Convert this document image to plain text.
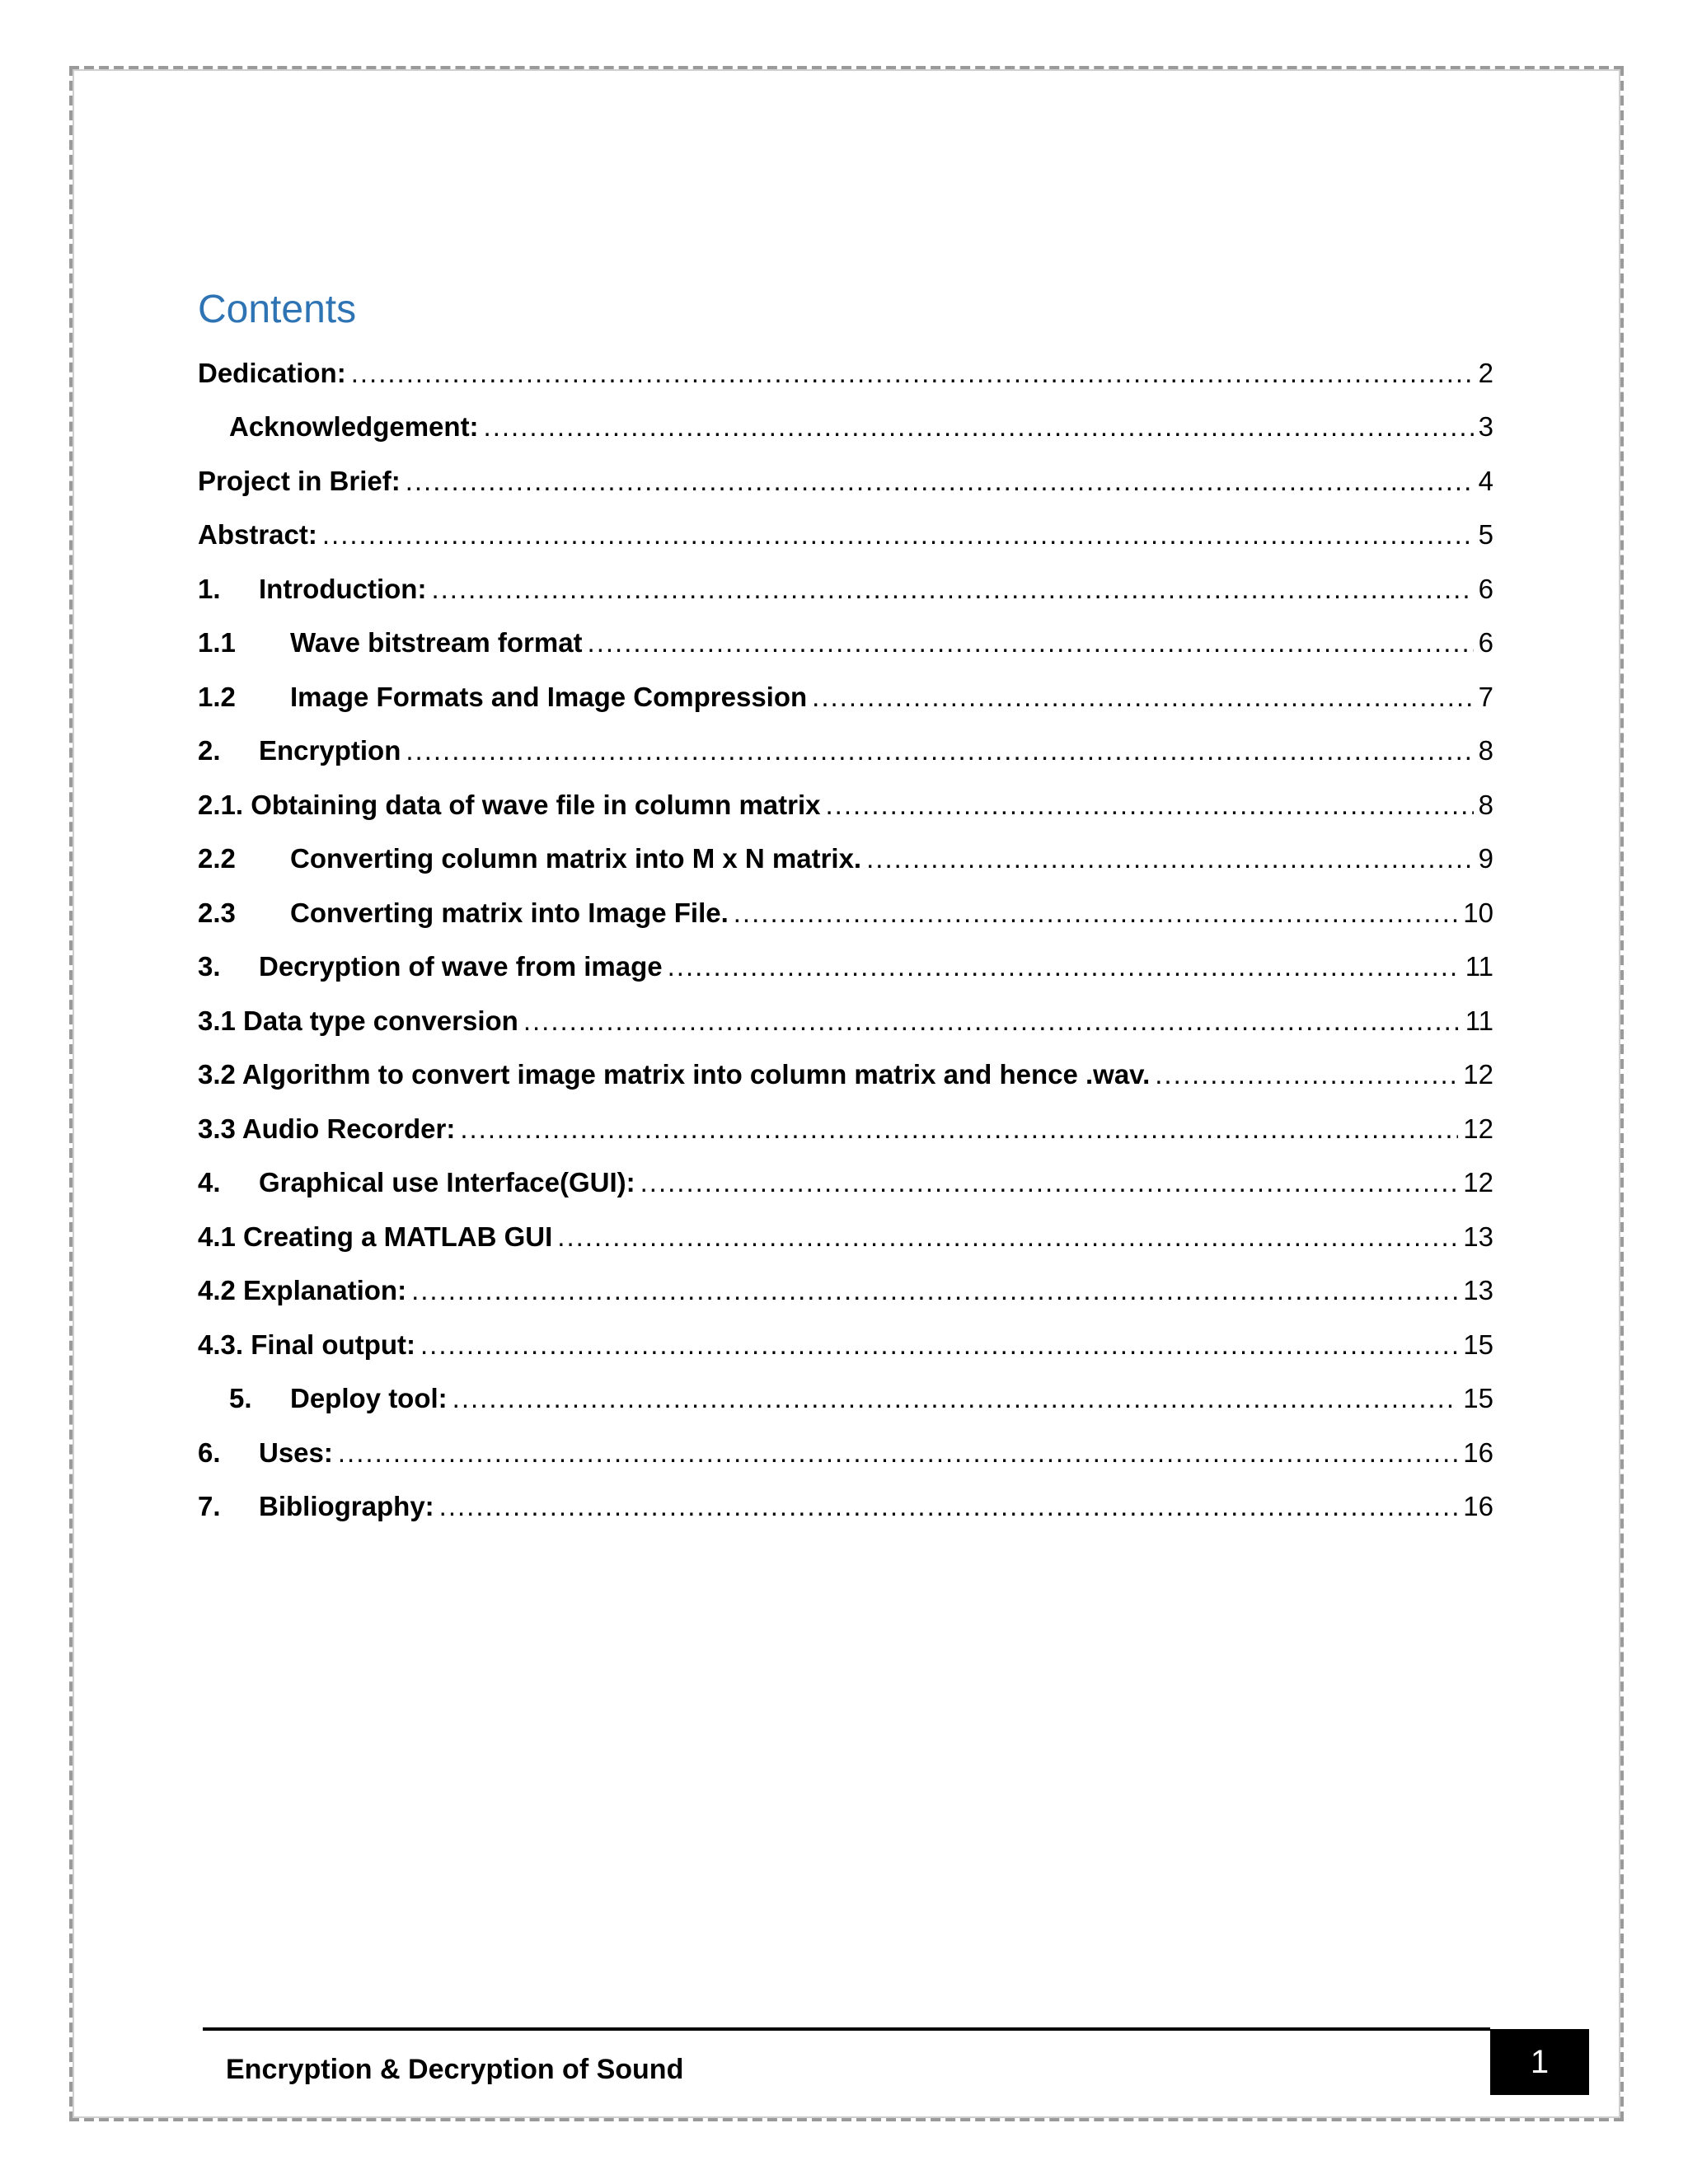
Contents
Dedication: .....	2
Acknowledgement: .....	3
Project in Brief: .....	4
Abstract: .....	5
1.	Introduction: .....	6
1.1	Wave bitstream format .....	6
1.2	Image Formats and Image Compression .....	7
2.	Encryption .....	8
2.1. Obtaining data of wave file in column matrix .....	8
2.2	Converting column matrix into M x N matrix. .....	9
2.3	Converting matrix into Image File. .....	10
3.	Decryption of wave from image .....	11
3.1 Data type conversion .....	11
3.2 Algorithm to convert image matrix into column matrix and hence .wav. .....	12
3.3 Audio Recorder: .....	12
4.	Graphical use Interface(GUI): .....	12
4.1 Creating a MATLAB GUI .....	13
4.2 Explanation: .....	13
4.3. Final output: .....	15
5.	Deploy tool: .....	15
6.	Uses: .....	16
7.	Bibliography: .....	16
Encryption & Decryption of Sound	1
